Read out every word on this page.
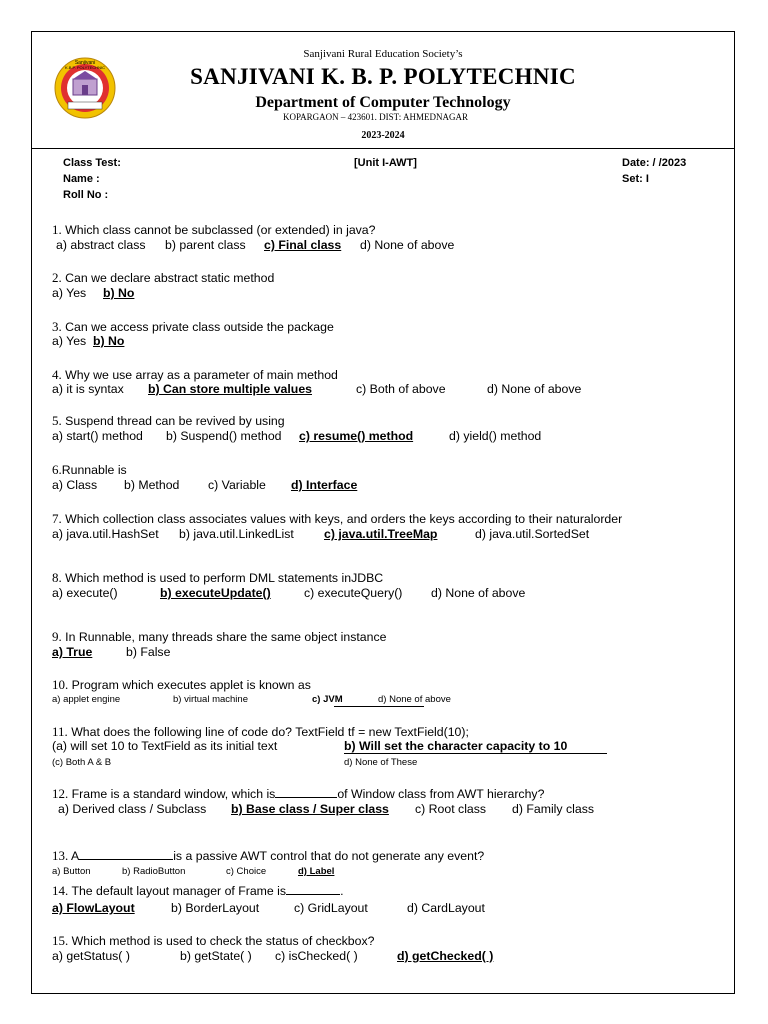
Sanjivani
K.B.P. POLYTECHNIC
Sanjivani Rural Education Society’s
SANJIVANI K. B. P. POLYTECHNIC
Department of Computer Technology
KOPARGAON – 423601. DIST: AHMEDNAGAR
2023-2024
Class Test:	[Unit I-AWT]	Date: / /2023
Name :	Set: I
Roll No :
1. Which class cannot be subclassed (or extended) in java?
a) abstract class b) parent class c) Final class d) None of above
2. Can we declare abstract static method
a) Yes b) No
3. Can we access private class outside the package
a) Yes b) No
4. Why we use array as a parameter of main method
a) it is syntax b) Can store multiple values	c) Both of above	d) None of above
5. Suspend thread can be revived by using
a) start() method b) Suspend() method c) resume() method	d) yield() method
6.Runnable is
a) Class b) Method c) Variable d) Interface
7. Which collection class associates values with keys, and orders the keys according to their naturalorder
a) java.util.HashSet b) java.util.LinkedList c) java.util.TreeMap	d) java.util.SortedSet
8. Which method is used to perform DML statements inJDBC
a) execute()	b) executeUpdate()	c) executeQuery() d) None of above
9. In Runnable, many threads share the same object instance
a) True	b) False
10. Program which executes applet is known as
a) applet engine	b) virtual machine	c) JVM	d) None of above
11. What does the following line of code do? TextField tf = new TextField(10);
(a) will set 10 to TextField as its initial text	b) Will set the character capacity to 10
(c) Both A & B	d) None of These
12. Frame is a standard window, which is	of Window class from AWT hierarchy?
a) Derived class / Subclass b) Base class / Super class c) Root class d) Family class
13. A	is a passive AWT control that do not generate any event?
a) Button	b) RadioButton	c) Choice	d) Label
14. The default layout manager of Frame is	.
a) FlowLayout	b) BorderLayout	c) GridLayout	d) CardLayout
15. Which method is used to check the status of checkbox?
a) getStatus( )	b) getState( ) c) isChecked( )	d) getChecked( )
